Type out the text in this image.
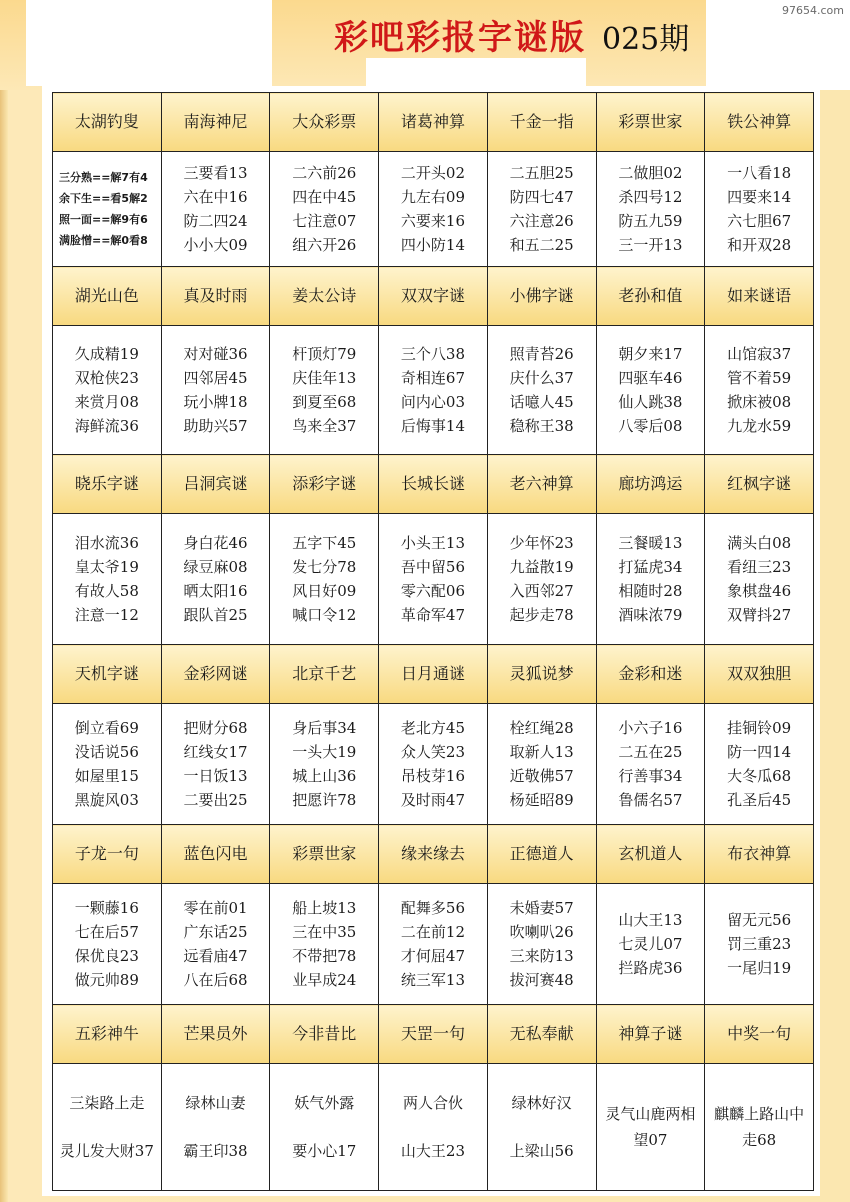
97654.com
彩吧彩报字谜版 025期
太湖钓叟	南海神尼	大众彩票	诸葛神算	千金一指	彩票世家	铁公神算

三分熟==解7有4
余下生==看5解2
照一面==解9有6
满脸憎==解0看8	三要看13
六在中16
防二四24
小小大09	二六前26
四在中45
七注意07
组六开26	二开头02
九左右09
六要来16
四小防14	二五胆25
防四七47
六注意26
和五二25	二做胆02
杀四号12
防五九59
三一开13	一八看18
四要来14
六七胆67
和开双28

湖光山色	真及时雨	姜太公诗	双双字谜	小佛字谜	老孙和值	如来谜语

久成精19
双枪侠23
来赏月08
海鲜流36	对对碰36
四邻居45
玩小牌18
助助兴57	杆顶灯79
庆佳年13
到夏至68
鸟来全37	三个八38
奇相连67
问内心03
后悔事14	照青苔26
庆什么37
话噫人45
稳称王38	朝夕来17
四驱车46
仙人跳38
八零后08	山馆寂37
管不着59
掀床被08
九龙水59

晓乐字谜	吕洞宾谜	添彩字谜	长城长谜	老六神算	廊坊鸿运	红枫字谜

泪水流36
皇太爷19
有故人58
注意一12	身白花46
绿豆麻08
晒太阳16
跟队首25	五字下45
发七分78
风日好09
喊口令12	小头王13
吾中留56
零六配06
革命军47	少年怀23
九益散19
入西邻27
起步走78	三餐暖13
打猛虎34
相随时28
酒味浓79	满头白08
看纽三23
象棋盘46
双臂抖27

天机字谜	金彩网谜	北京千艺	日月通谜	灵狐说梦	金彩和迷	双双独胆

倒立看69
没话说56
如屋里15
黑旋风03	把财分68
红线女17
一日饭13
二要出25	身后事34
一头大19
城上山36
把愿许78	老北方45
众人笑23
吊枝芽16
及时雨47	栓红绳28
取新人13
近敬佛57
杨延昭89	小六子16
二五在25
行善事34
鲁儒名57	挂铜铃09
防一四14
大冬瓜68
孔圣后45

子龙一句	蓝色闪电	彩票世家	缘来缘去	正德道人	玄机道人	布衣神算

一颗藤16
七在后57
保优良23
做元帅89	零在前01
广东话25
远看庙47
八在后68	船上坡13
三在中35
不带把78
业早成24	配舞多56
二在前12
才何屈47
统三军13	未婚妻57
吹喇叭26
三来防13
拔河赛48	山大王13
七灵儿07
拦路虎36	留无元56
罚三重23
一尾归19

五彩神牛	芒果员外	今非昔比	天罡一句	无私奉献	神算子谜	中奖一句

三柒路上走
灵儿发大财37	绿林山妻
霸王印38	妖气外露
要小心17	两人合伙
山大王23	绿林好汉
上梁山56	灵气山鹿两相望07	麒麟上路山中走68
